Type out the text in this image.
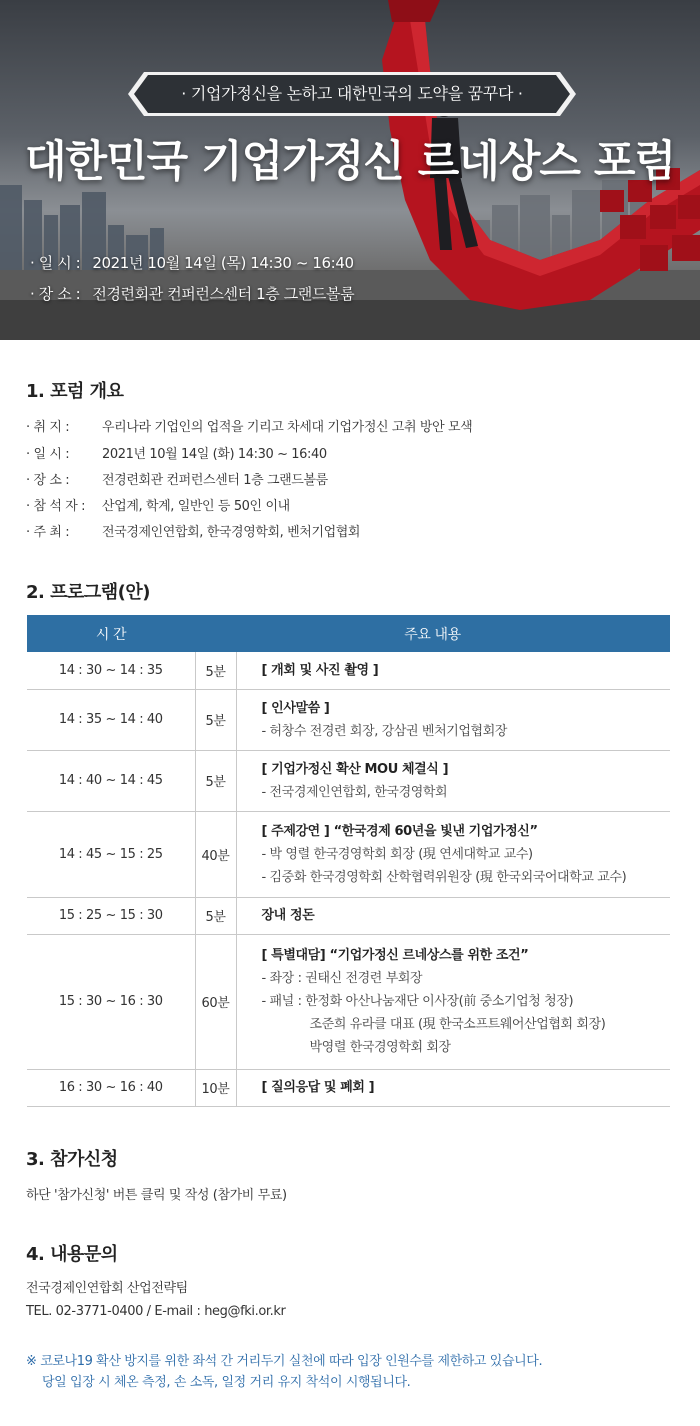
· 기업가정신을 논하고 대한민국의 도약을 꿈꾸다 ·
대한민국 기업가정신 르네상스 포럼
· 일 시 : 2021년 10월 14일 (목) 14:30 ~ 16:40
· 장 소 : 전경련회관 컨퍼런스센터 1층 그랜드볼룸
1. 포럼 개요
· 취 지 :	우리나라 기업인의 업적을 기리고 차세대 기업가정신 고취 방안 모색
· 일 시 :	2021년 10월 14일 (화) 14:30 ~ 16:40
· 장 소 :	전경련회관 컨퍼런스센터 1층 그랜드볼룸
· 참 석 자 : 산업계, 학계, 일반인 등 50인 이내
· 주 최 :	전국경제인연합회, 한국경영학회, 벤처기업협회
2. 프로그램(안)
시 간	주요 내용	
14 : 30 ~ 14 : 35	5분	[ 개회 및 사진 촬영 ]

14 : 35 ~ 14 : 40	5분	[ 인사말씀 ]
- 허창수 전경련 회장, 강삼권 벤처기업협회장

14 : 40 ~ 14 : 45	5분	[ 기업가정신 확산 MOU 체결식 ]
- 전국경제인연합회, 한국경영학회

14 : 45 ~ 15 : 25	40분	[ 주제강연 ] “한국경제 60년을 빛낸 기업가정신”
- 박 영렬 한국경영학회 회장 (現 연세대학교 교수)
- 김중화 한국경영학회 산학협력위원장 (現 한국외국어대학교 교수)

15 : 25 ~ 15 : 30	5분	장내 정돈

15 : 30 ~ 16 : 30	60분	[ 특별대담] “기업가정신 르네상스를 위한 조건”
- 좌장 : 권태신 전경련 부회장
- 패널 : 한정화 아산나눔재단 이사장(前 중소기업청 청장)
조준희 유라클 대표 (現 한국소프트웨어산업협회 회장)
박영렬 한국경영학회 회장

16 : 30 ~ 16 : 40	10분	[ 질의응답 및 폐회 ]
3. 참가신청
하단 '참가신청' 버튼 클릭 및 작성 (참가비 무료)
4. 내용문의
전국경제인연합회 산업전략팀
TEL. 02-3771-0400 / E-mail : heg@fki.or.kr
※ 코로나19 확산 방지를 위한 좌석 간 거리두기 실천에 따라 입장 인원수를 제한하고 있습니다.
당일 입장 시 체온 측정, 손 소독, 일정 거리 유지 착석이 시행됩니다.
